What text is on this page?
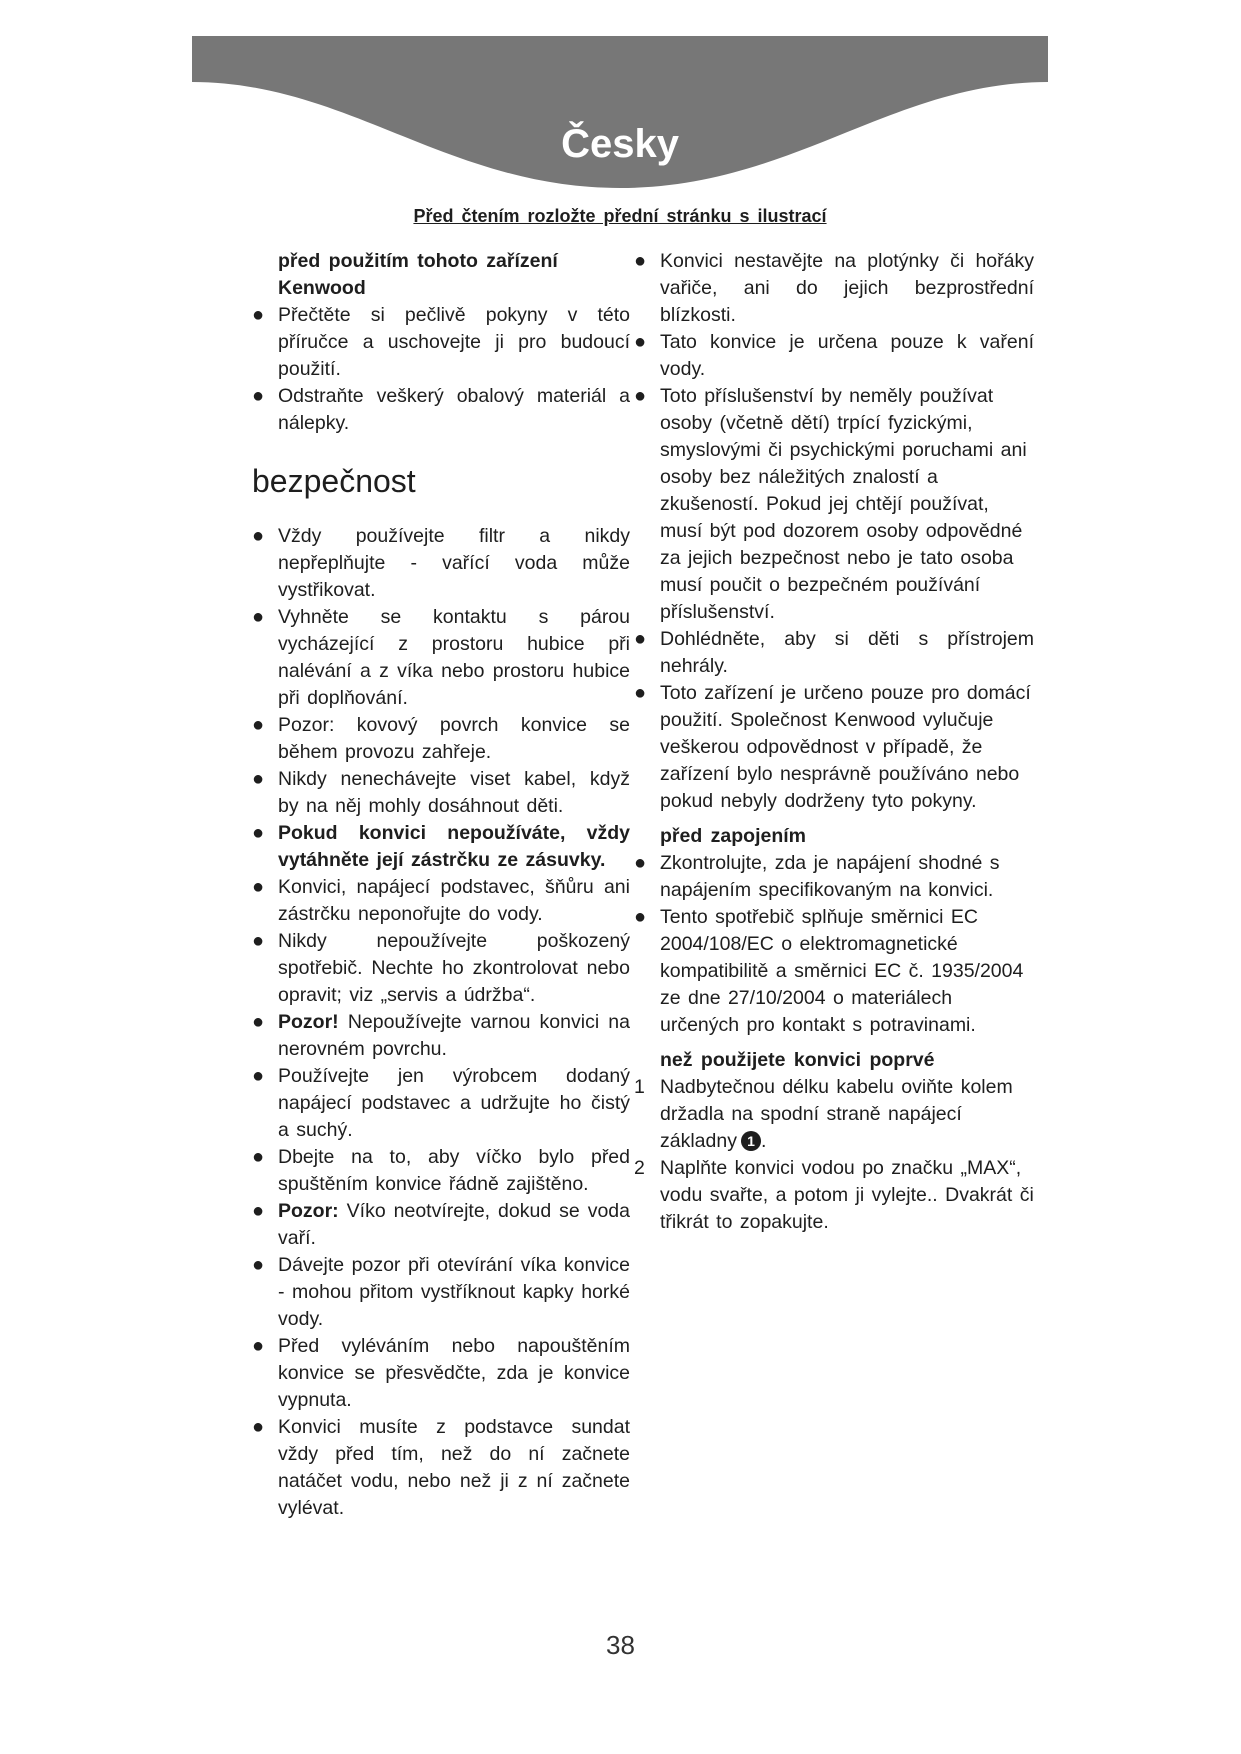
Česky
Před čtením rozložte přední stránku s ilustrací

před použitím tohoto zařízení
Kenwood

● Přečtěte si pečlivě pokyny v této příručce a uschovejte ji pro budoucí použití.
● Odstraňte veškerý obalový materiál a nálepky.
bezpečnost
● Vždy používejte filtr a nikdy nepřeplňujte - vařící voda může vystřikovat.
● Vyhněte se kontaktu s párou vycházející z prostoru hubice při nalévání a z víka nebo prostoru hubice při doplňování.
● Pozor: kovový povrch konvice se během provozu zahřeje.
● Nikdy nenechávejte viset kabel, když by na něj mohly dosáhnout děti.
● Pokud konvici nepoužíváte, vždy vytáhněte její zástrčku ze zásuvky.
● Konvici, napájecí podstavec, šňůru ani zástrčku neponořujte do vody.
● Nikdy nepoužívejte poškozený spotřebič. Nechte ho zkontrolovat nebo opravit; viz „servis a údržba“.
● Pozor! Nepoužívejte varnou konvici na nerovném povrchu.
● Používejte jen výrobcem dodaný napájecí podstavec a udržujte ho čistý a suchý.
● Dbejte na to, aby víčko bylo před spuštěním konvice řádně zajištěno.
● Pozor: Víko neotvírejte, dokud se voda vaří.
● Dávejte pozor při otevírání víka konvice - mohou přitom vystříknout kapky horké vody.
● Před vyléváním nebo napouštěním konvice se přesvědčte, zda je konvice vypnuta.
● Konvici musíte z podstavce sundat vždy před tím, než do ní začnete natáčet vodu, nebo než ji z ní začnete vylévat.
● Konvici nestavějte na plotýnky či hořáky vařiče, ani do jejich bezprostřední blízkosti.
● Tato konvice je určena pouze k vaření vody.
● Toto příslušenství by neměly používat osoby (včetně dětí) trpící fyzickými, smyslovými či psychickými poruchami ani osoby bez náležitých znalostí a zkušeností. Pokud jej chtějí používat, musí být pod dozorem osoby odpovědné za jejich bezpečnost nebo je tato osoba musí poučit o bezpečném používání příslušenství.
● Dohlédněte, aby si děti s přístrojem nehrály.
● Toto zařízení je určeno pouze pro domácí použití. Společnost Kenwood vylučuje veškerou odpovědnost v případě, že zařízení bylo nesprávně používáno nebo pokud nebyly dodrženy tyto pokyny.

před zapojením

● Zkontrolujte, zda je napájení shodné s napájením specifikovaným na konvici.
● Tento spotřebič splňuje směrnici EC 2004/108/EC o elektromagnetické kompatibilitě a směrnici EC č. 1935/2004 ze dne 27/10/2004 o materiálech určených pro kontakt s potravinami.

než použijete konvici poprvé

1 Nadbytečnou délku kabelu oviňte kolem držadla na spodní straně napájecí základny 1 .
2 Naplňte konvici vodou po značku „MAX“, vodu svařte, a potom ji vylejte.. Dvakrát či třikrát to zopakujte.
38
